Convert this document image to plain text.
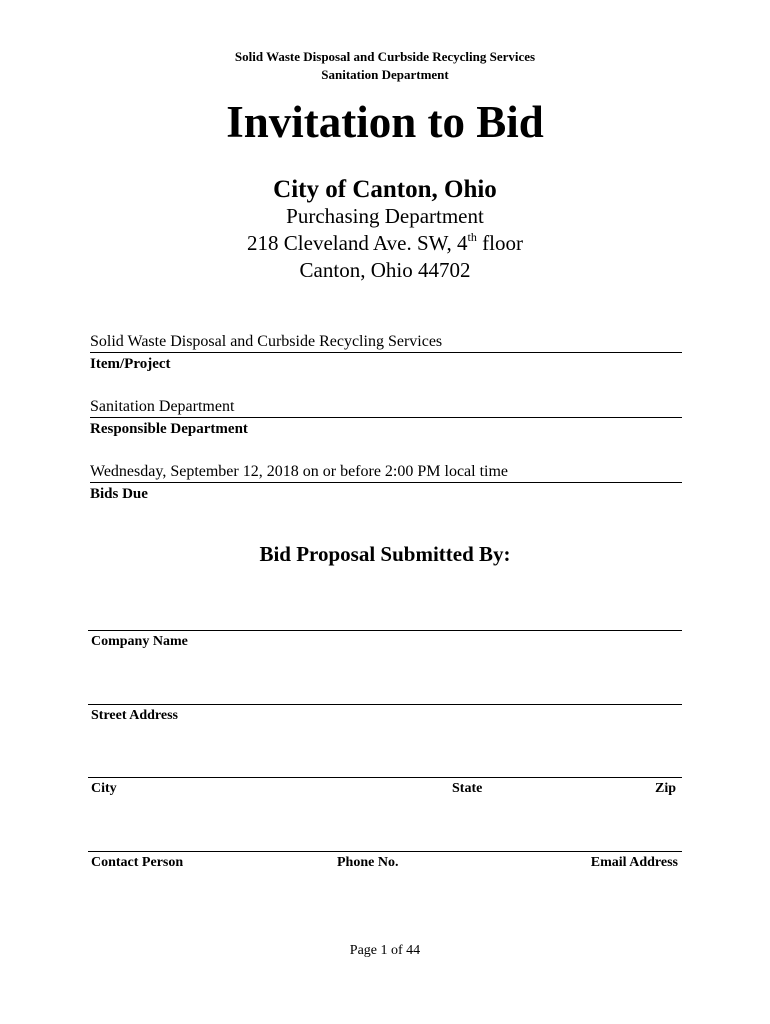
Solid Waste Disposal and Curbside Recycling Services
Sanitation Department
Invitation to Bid
City of Canton, Ohio
Purchasing Department
218 Cleveland Ave. SW, 4th floor
Canton, Ohio 44702
Solid Waste Disposal and Curbside Recycling Services
Item/Project
Sanitation Department
Responsible Department
Wednesday, September 12, 2018 on or before 2:00 PM local time
Bids Due
Bid Proposal Submitted By:
Company Name
Street Address
City	State	Zip
Contact Person	Phone No.	Email Address
Page 1 of 44
